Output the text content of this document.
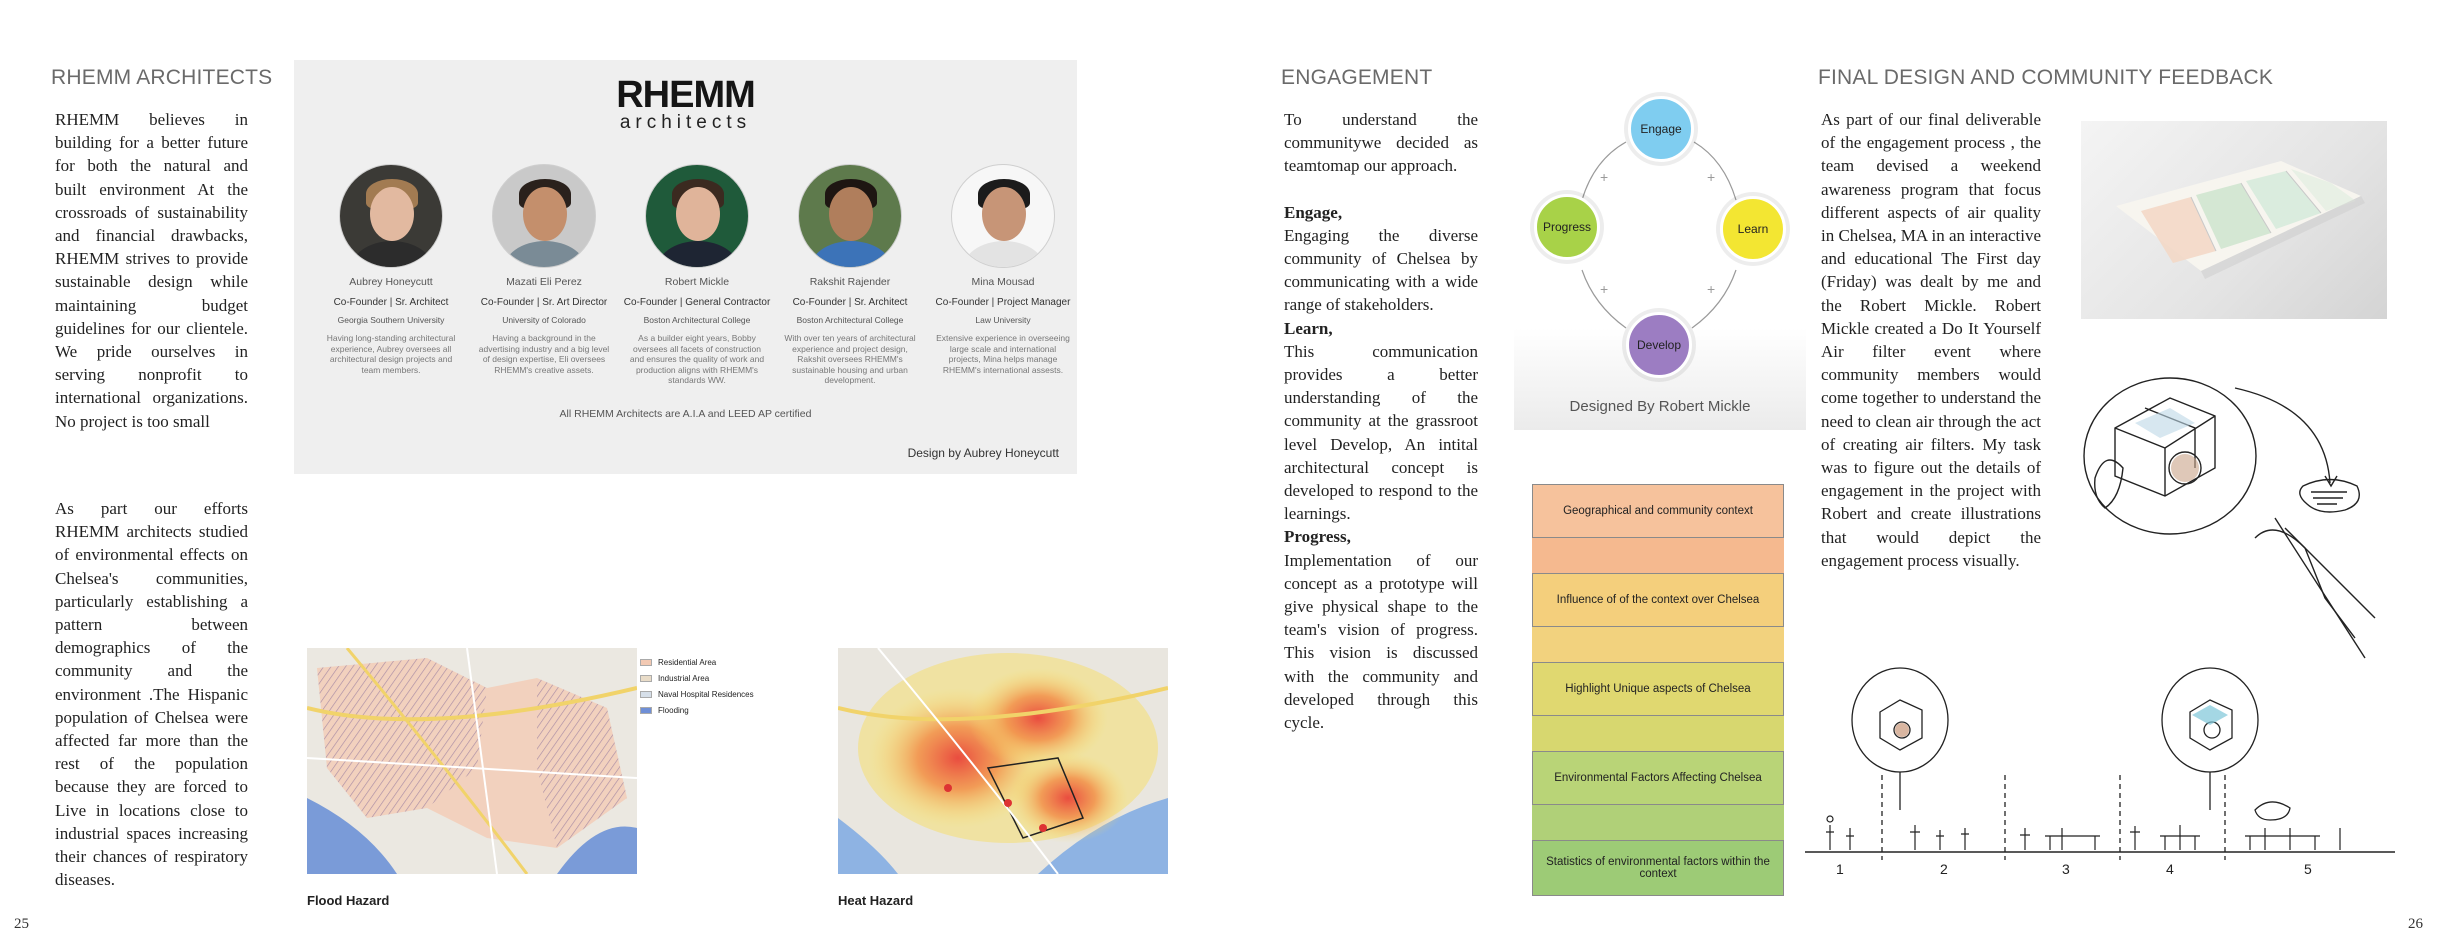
RHEMM ARCHITECTS

RHEMM believes in building for a better future for both the natural and built environment At the crossroads of sustainability and financial drawbacks, RHEMM strives to provide sustainable design while maintaining budget guidelines for our clientele. We pride ourselves in serving nonprofit to international organizations. No project is too small

As part our efforts RHEMM architects studied of environmental effects on Chelsea's communities, particularly establishing a pattern between demographics of the community and the environment .The Hispanic population of Chelsea were affected far more than the rest of the population because they are forced to Live in locations close to industrial spaces increasing their chances of respiratory diseases.

25
RHEMM
architects
Aubrey Honeycutt
Co-Founder | Sr. Architect
Georgia Southern University
Having long-standing architectural experience, Aubrey oversees all architectural design projects and team members.
Mazati Eli Perez
Co-Founder | Sr. Art Director
University of Colorado
Having a background in the advertising industry and a big level of design expertise, Eli oversees RHEMM's creative assets.
Robert Mickle
Co-Founder | General Contractor
Boston Architectural College
As a builder eight years, Bobby oversees all facets of construction and ensures the quality of work and production aligns with RHEMM's standards WW.
Rakshit Rajender
Co-Founder | Sr. Architect
Boston Architectural College
With over ten years of architectural experience and project design, Rakshit oversees RHEMM's sustainable housing and urban development.
Mina Mousad
Co-Founder | Project Manager
Law University
Extensive experience in overseeing large scale and international projects, Mina helps manage RHEMM's international assests.
All RHEMM Architects are A.I.A and LEED AP certified
Design by Aubrey Honeycutt
Flood Hazard
Residential Area
Industrial Area
Naval Hospital Residences
Flooding
Heat Hazard
ENGAGEMENT

To understand the communitywe decided as teamtomap our approach.

Engage,

Engaging the diverse community of Chelsea by communicating with a wide range of stakeholders.

Learn,

This communication provides a better understanding of the community at the grassroot level Develop, An intital architectural concept is developed to respond to the learnings.

Progress,

Implementation of our concept as a prototype will give physical shape to the team's vision of progress. This vision is discussed with the community and developed through this cycle.

+
+
+
+
Engage
Learn
Develop
Progress
Designed By Robert Mickle
Geographical and community context
Influence of of the context over Chelsea
Highlight Unique aspects of Chelsea
Environmental Factors Affecting Chelsea
Statistics of environmental factors within the context
FINAL DESIGN AND COMMUNITY FEEDBACK

As part of our final deliverable of the engagement process , the team devised a weekend awareness program that focus different aspects of air quality in Chelsea, MA in an interactive and educational The First day (Friday) was dealt by me and the Robert Mickle. Robert Mickle created a Do It Yourself Air filter event where community members would come together to understand the need to clean air through the act of creating air filters. My task was to figure out the details of engagement in the project with Robert and create illustrations that would depict the engagement process visually.

1	2	3	4	5
26
